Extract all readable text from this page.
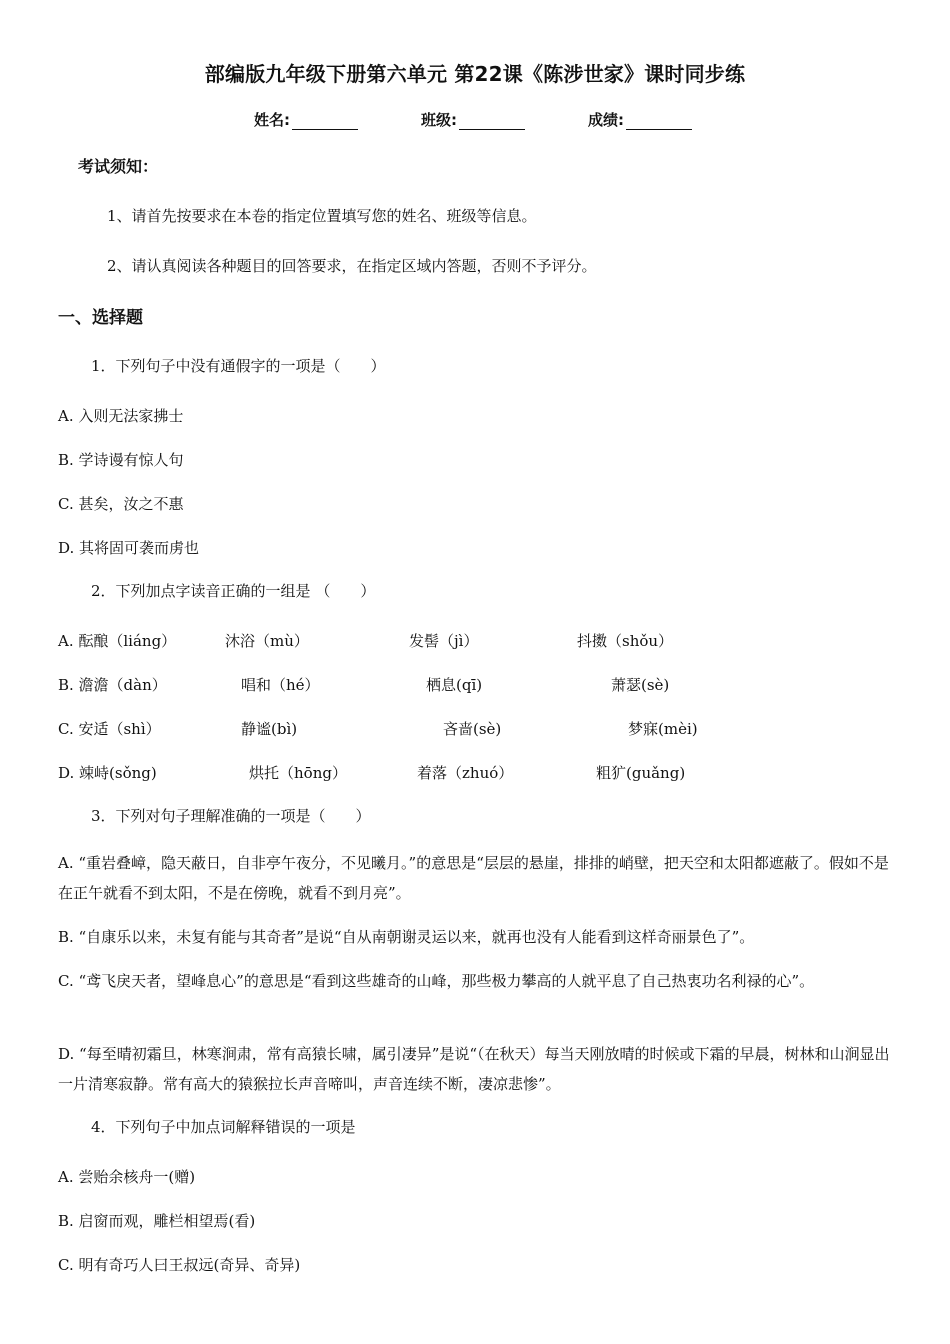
部编版九年级下册第六单元 第22课《陈涉世家》课时同步练
姓名:	班级:	成绩:
考试须知：
1、请首先按要求在本卷的指定位置填写您的姓名、班级等信息。
2、请认真阅读各种题目的回答要求，在指定区域内答题，否则不予评分。
一、选择题
1．下列句子中没有通假字的一项是（　　）
A. 入则无法家拂士
B. 学诗谩有惊人句
C. 甚矣，汝之不惠
D. 其将固可袭而虏也
2．下列加点字读音正确的一组是 （　　）
A. 酝酿（liáng）	沐浴（mù）	发髻（jì）	抖擞（shǒu）
B. 澹澹（dàn）	唱和（hé）	栖息(qī)	萧瑟(sè)
C. 安适（shì）	静谧(bì)	吝啬(sè)	梦寐(mèi)
D. 竦峙(sǒng)	烘托（hōng）	着落（zhuó）	粗犷(guǎng)
3．下列对句子理解准确的一项是（　　）
A. “重岩叠嶂，隐天蔽日，自非亭午夜分，不见曦月。”的意思是“层层的悬崖，排排的峭壁，把天空和太阳都遮蔽了。假如不是在正午就看不到太阳，不是在傍晚，就看不到月亮”。
B. “自康乐以来，未复有能与其奇者”是说“自从南朝谢灵运以来，就再也没有人能看到这样奇丽景色了”。
C. “鸢飞戾天者，望峰息心”的意思是“看到这些雄奇的山峰，那些极力攀高的人就平息了自己热衷功名利禄的心”。
D. “每至晴初霜旦，林寒涧肃，常有高猿长啸，属引凄异”是说“（在秋天）每当天刚放晴的时候或下霜的早晨，树林和山涧显出一片清寒寂静。常有高大的猿猴拉长声音啼叫，声音连续不断，凄凉悲惨”。
4．下列句子中加点词解释错误的一项是
A. 尝贻余核舟一(赠)
B. 启窗而观，雕栏相望焉(看)
C. 明有奇巧人曰王叔远(奇异、奇异)
